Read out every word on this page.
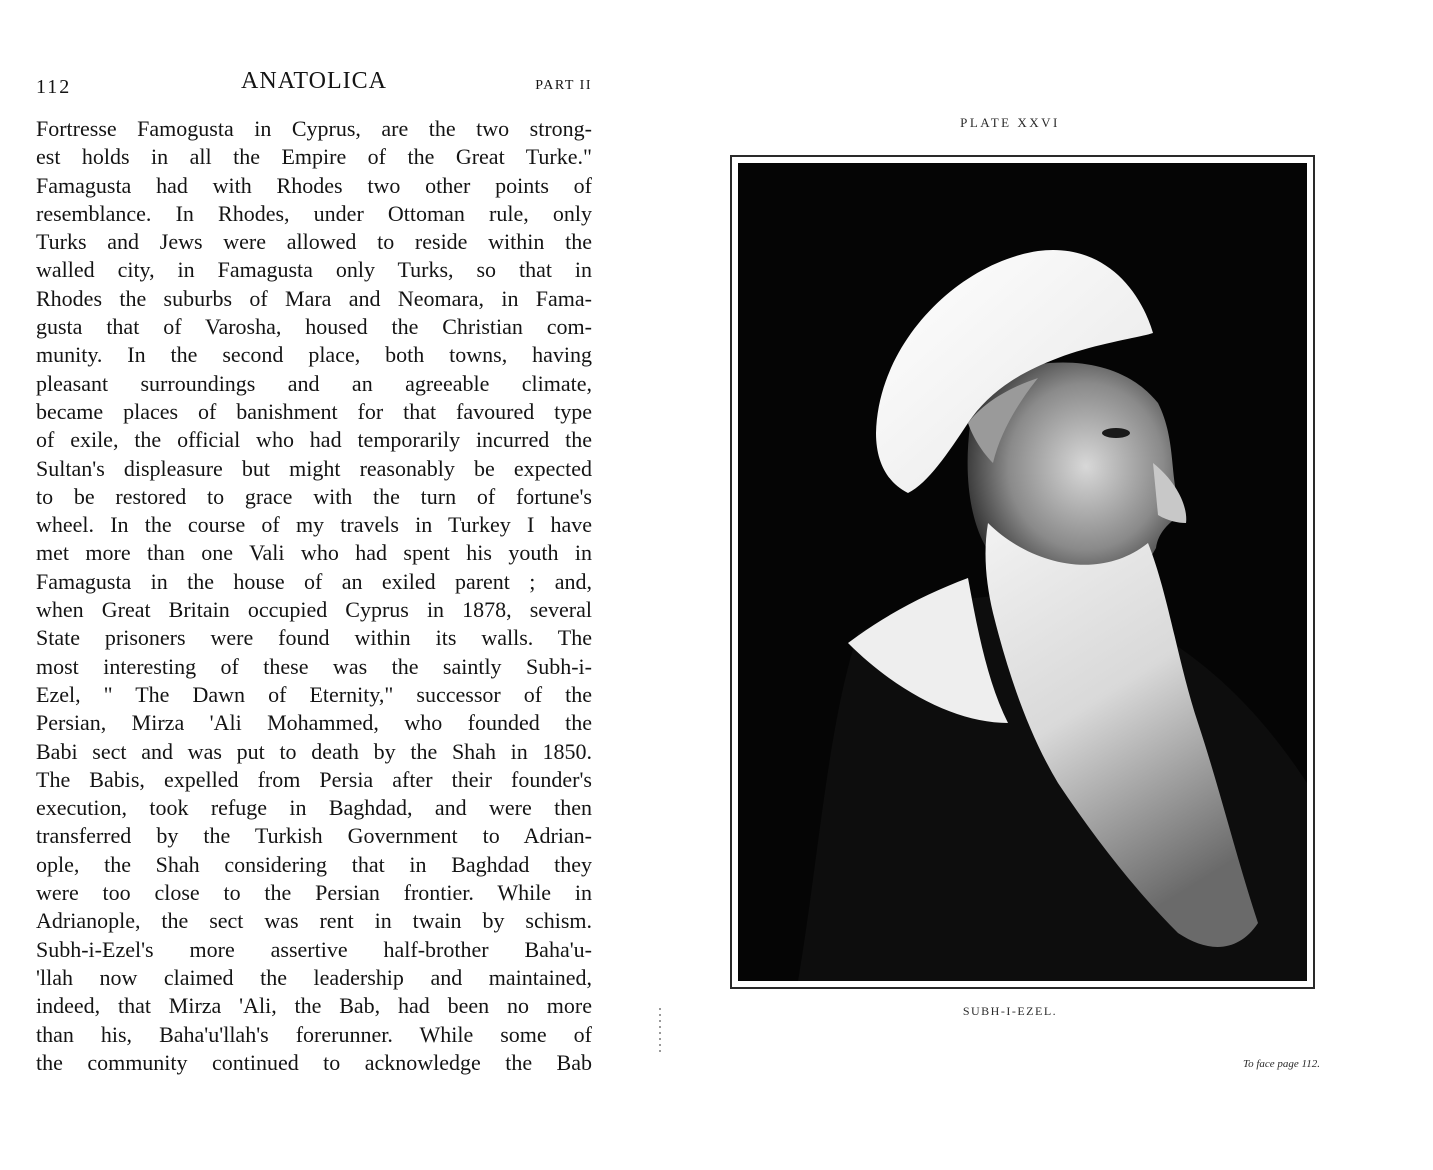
112	ANATOLICA	PART II
Fortresse Famogusta in Cyprus, are the two strong-
est holds in all the Empire of the Great Turke."
Famagusta had with Rhodes two other points of
resemblance. In Rhodes, under Ottoman rule, only
Turks and Jews were allowed to reside within the
walled city, in Famagusta only Turks, so that in
Rhodes the suburbs of Mara and Neomara, in Fama-
gusta that of Varosha, housed the Christian com-
munity. In the second place, both towns, having
pleasant surroundings and an agreeable climate,
became places of banishment for that favoured type
of exile, the official who had temporarily incurred the
Sultan's displeasure but might reasonably be expected
to be restored to grace with the turn of fortune's
wheel. In the course of my travels in Turkey I have
met more than one Vali who had spent his youth in
Famagusta in the house of an exiled parent ; and,
when Great Britain occupied Cyprus in 1878, several
State prisoners were found within its walls. The
most interesting of these was the saintly Subh-i-
Ezel, " The Dawn of Eternity," successor of the
Persian, Mirza 'Ali Mohammed, who founded the
Babi sect and was put to death by the Shah in 1850.
The Babis, expelled from Persia after their founder's
execution, took refuge in Baghdad, and were then
transferred by the Turkish Government to Adrian-
ople, the Shah considering that in Baghdad they
were too close to the Persian frontier. While in
Adrianople, the sect was rent in twain by schism.
Subh-i-Ezel's more assertive half-brother Baha'u-
'llah now claimed the leadership and maintained,
indeed, that Mirza 'Ali, the Bab, had been no more
than his, Baha'u'llah's forerunner. While some of
the community continued to acknowledge the Bab
PLATE XXVI
SUBH-I-EZEL.
To face page 112.
